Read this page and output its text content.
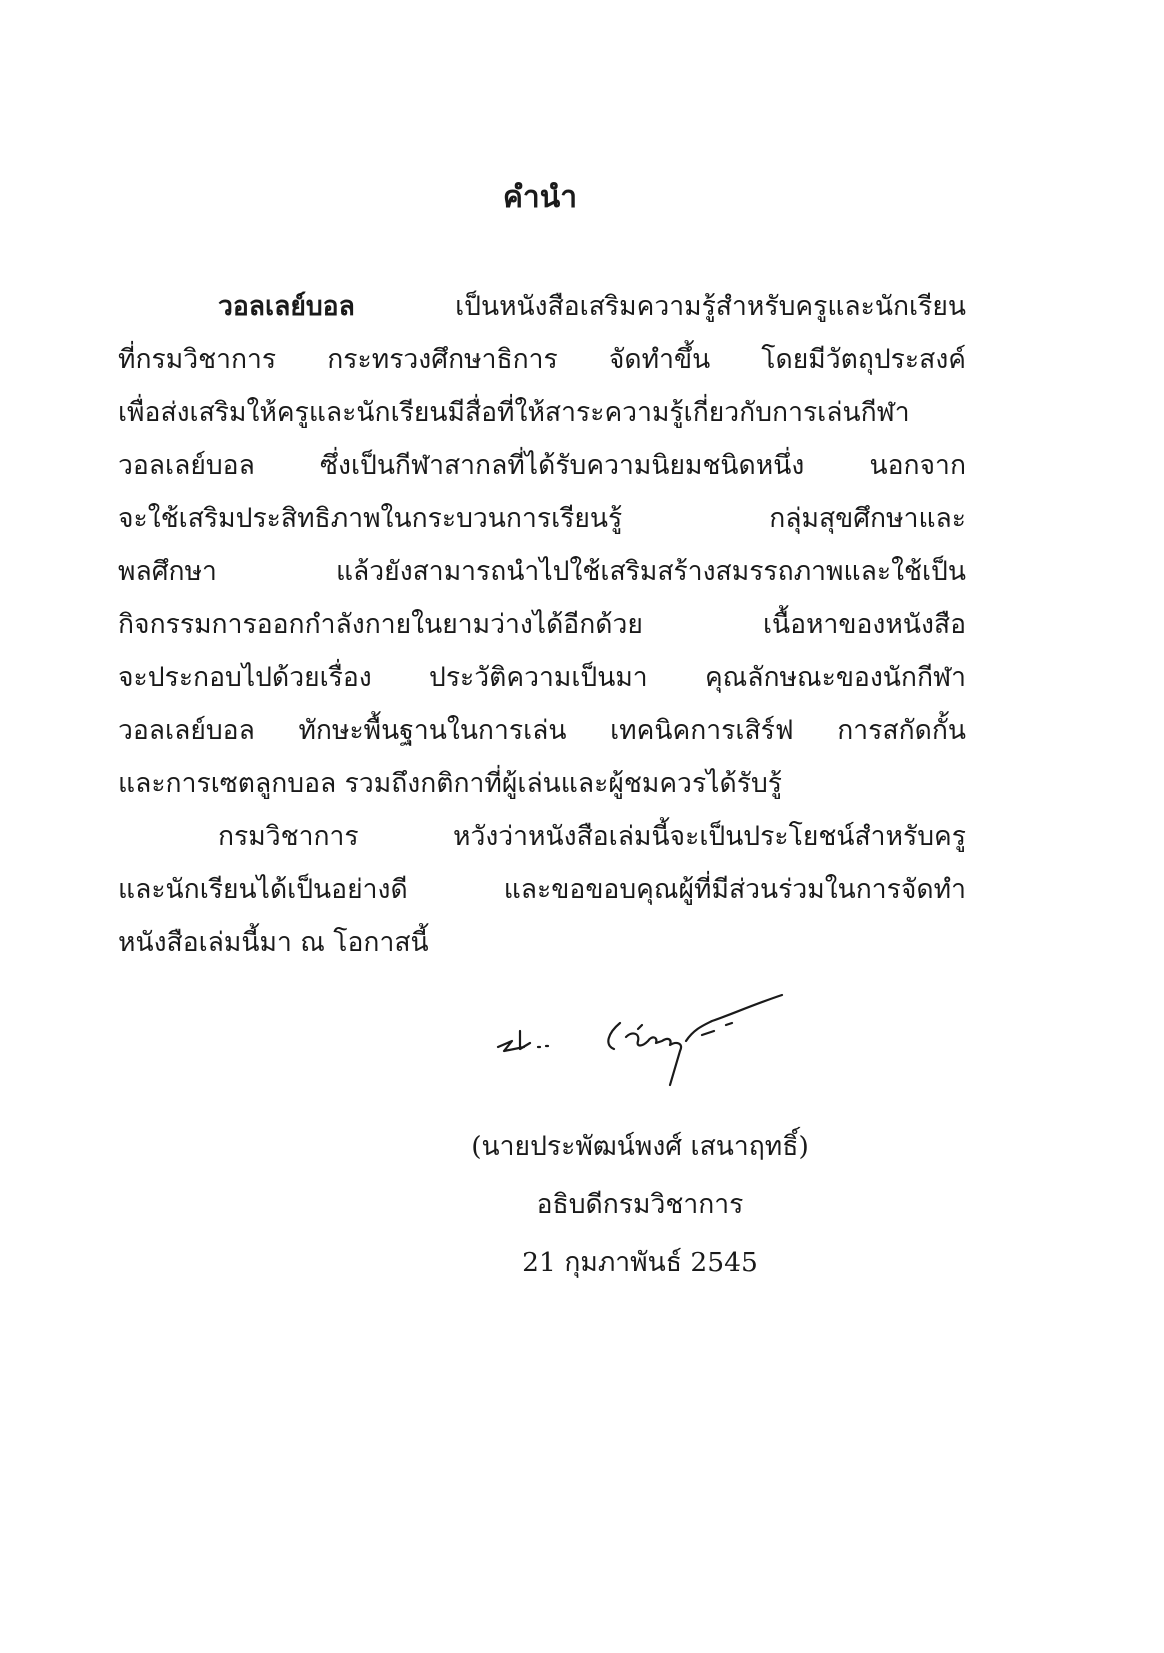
คำนำ
วอลเลย์บอล	เป็นหนังสือเสริมความรู้สำหรับครูและนักเรียน
ที่กรมวิชาการ กระทรวงศึกษาธิการ จัดทำขึ้น โดยมีวัตถุประสงค์
เพื่อส่งเสริมให้ครูและนักเรียนมีสื่อที่ให้สาระความรู้เกี่ยวกับการเล่นกีฬา
วอลเลย์บอล ซึ่งเป็นกีฬาสากลที่ได้รับความนิยมชนิดหนึ่ง นอกจาก
จะใช้เสริมประสิทธิภาพในกระบวนการเรียนรู้ กลุ่มสุขศึกษาและ
พลศึกษา แล้วยังสามารถนำไปใช้เสริมสร้างสมรรถภาพและใช้เป็น
กิจกรรมการออกกำลังกายในยามว่างได้อีกด้วย เนื้อหาของหนังสือ
จะประกอบไปด้วยเรื่อง ประวัติความเป็นมา คุณลักษณะของนักกีฬา
วอลเลย์บอล ทักษะพื้นฐานในการเล่น เทคนิคการเสิร์ฟ การสกัดกั้น
และการเซตลูกบอล รวมถึงกติกาที่ผู้เล่นและผู้ชมควรได้รับรู้
กรมวิชาการ หวังว่าหนังสือเล่มนี้จะเป็นประโยชน์สำหรับครู
และนักเรียนได้เป็นอย่างดี และขอขอบคุณผู้ที่มีส่วนร่วมในการจัดทำ
หนังสือเล่มนี้มา ณ โอกาสนี้
(นายประพัฒน์พงศ์ เสนาฤทธิ์)
อธิบดีกรมวิชาการ
21 กุมภาพันธ์ 2545
